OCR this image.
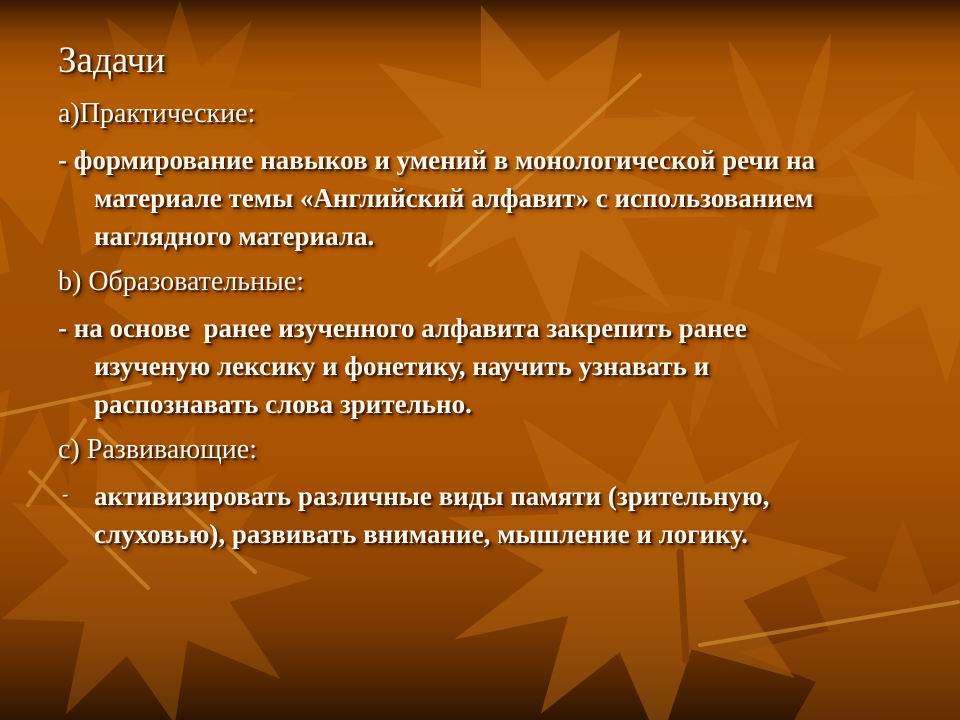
Задачи

а)Практические:

- формирование навыков и умений в монологической речи на
материале темы «Английский алфавит» с использованием
наглядного материала.

b) Образовательные:

- на основе  ранее изученного алфавита закрепить ранее
изученую лексику и фонетику, научить узнавать и
распознавать слова зрительно.

с) Развивающие:

- активизировать различные виды памяти (зрительную,
слуховью), развивать внимание, мышление и логику.
